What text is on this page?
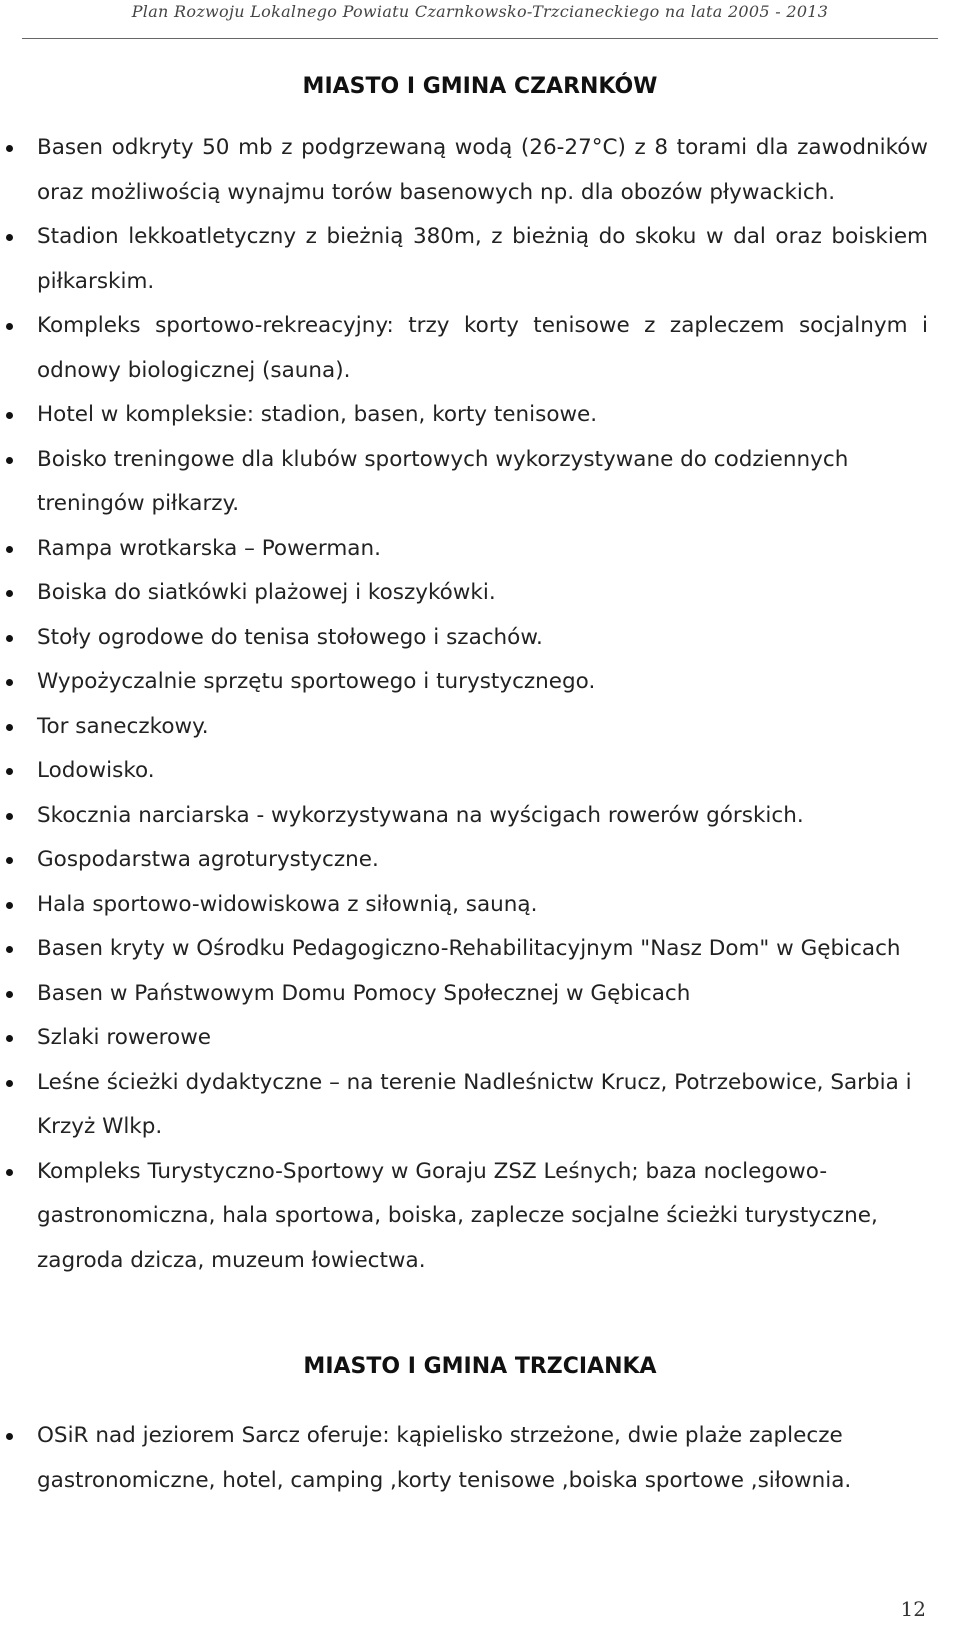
Plan Rozwoju Lokalnego Powiatu Czarnkowsko-Trzcianeckiego na lata 2005 - 2013
MIASTO I GMINA CZARNKÓW
Basen odkryty 50 mb z podgrzewaną wodą (26-27°C) z 8 torami dla zawodników oraz możliwością wynajmu torów basenowych np. dla obozów pływackich.
Stadion lekkoatletyczny z bieżnią 380m, z bieżnią do skoku w dal oraz boiskiem piłkarskim.
Kompleks sportowo-rekreacyjny: trzy korty tenisowe z zapleczem socjalnym i odnowy biologicznej (sauna).
Hotel w kompleksie: stadion, basen, korty tenisowe.
Boisko treningowe dla klubów sportowych wykorzystywane do codziennych treningów piłkarzy.
Rampa wrotkarska – Powerman.
Boiska do siatkówki plażowej i koszykówki.
Stoły ogrodowe do tenisa stołowego i szachów.
Wypożyczalnie sprzętu sportowego i turystycznego.
Tor saneczkowy.
Lodowisko.
Skocznia narciarska - wykorzystywana na wyścigach rowerów górskich.
Gospodarstwa agroturystyczne.
Hala sportowo-widowiskowa z siłownią, sauną.
Basen kryty w Ośrodku Pedagogiczno-Rehabilitacyjnym "Nasz Dom" w Gębicach
Basen w Państwowym Domu Pomocy Społecznej w Gębicach
Szlaki rowerowe
Leśne ścieżki dydaktyczne – na terenie Nadleśnictw Krucz, Potrzebowice, Sarbia i Krzyż Wlkp.
Kompleks Turystyczno-Sportowy w Goraju ZSZ Leśnych; baza noclegowo-gastronomiczna, hala sportowa, boiska, zaplecze socjalne ścieżki turystyczne, zagroda dzicza, muzeum łowiectwa.
MIASTO I GMINA TRZCIANKA
OSiR nad jeziorem Sarcz oferuje: kąpielisko strzeżone, dwie plaże zaplecze gastronomiczne, hotel, camping ,korty tenisowe ,boiska sportowe ,siłownia.
12
